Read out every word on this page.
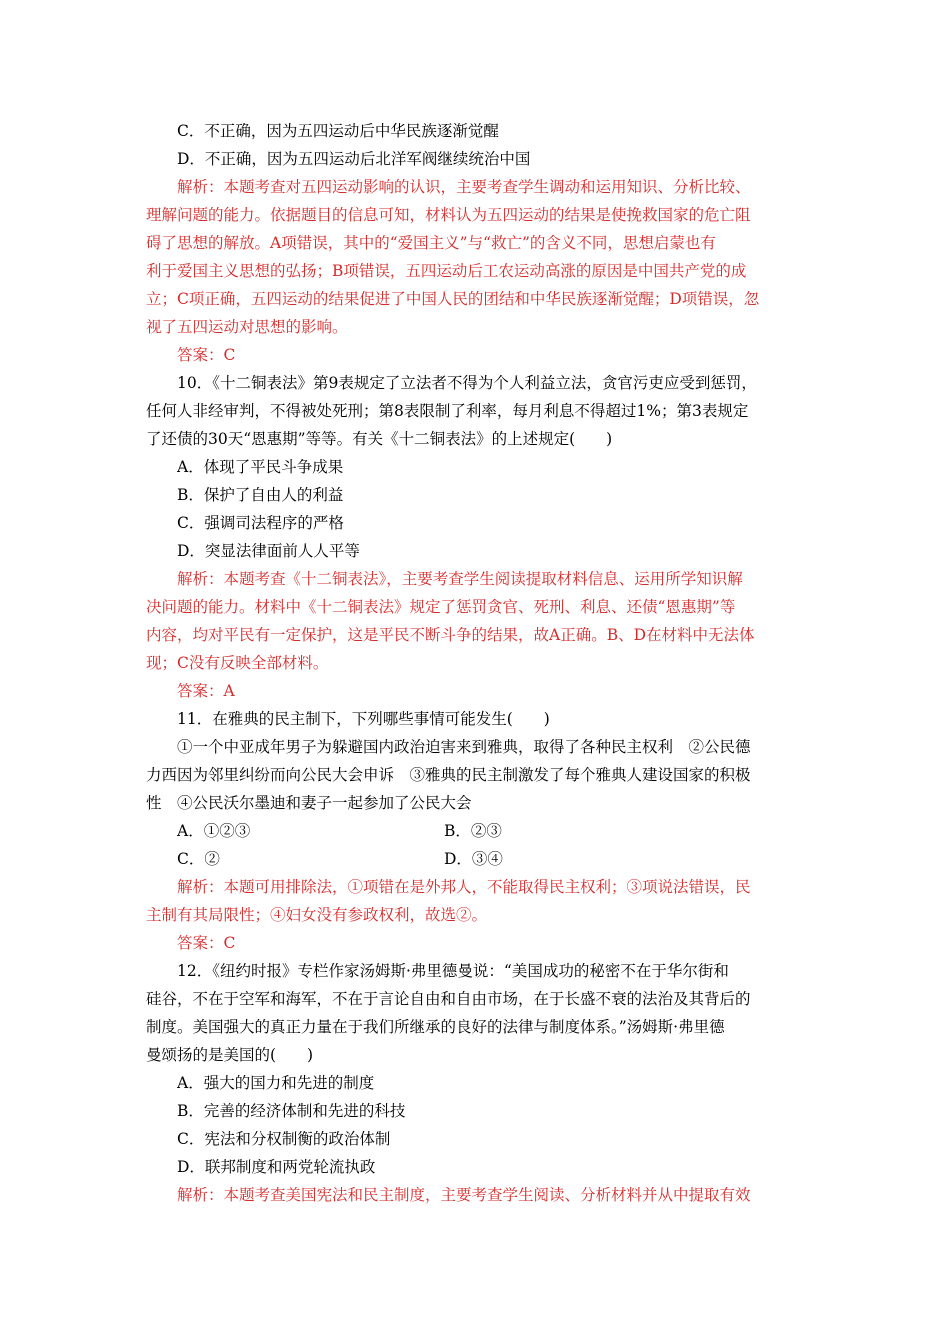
C．不正确，因为五四运动后中华民族逐渐觉醒
D．不正确，因为五四运动后北洋军阀继续统治中国
解析：本题考查对五四运动影响的认识，主要考查学生调动和运用知识、分析比较、
理解问题的能力。依据题目的信息可知，材料认为五四运动的结果是使挽救国家的危亡阻
碍了思想的解放。A项错误，其中的“爱国主义”与“救亡”的含义不同，思想启蒙也有
利于爱国主义思想的弘扬；B项错误，五四运动后工农运动高涨的原因是中国共产党的成
立；C项正确，五四运动的结果促进了中国人民的团结和中华民族逐渐觉醒；D项错误，忽
视了五四运动对思想的影响。
答案：C
10．《十二铜表法》第9表规定了立法者不得为个人利益立法，贪官污吏应受到惩罚，
任何人非经审判，不得被处死刑；第8表限制了利率，每月利息不得超过1%；第3表规定
了还债的30天“恩惠期”等等。有关《十二铜表法》的上述规定(　　)
A．体现了平民斗争成果
B．保护了自由人的利益
C．强调司法程序的严格
D．突显法律面前人人平等
解析：本题考查《十二铜表法》，主要考查学生阅读提取材料信息、运用所学知识解
决问题的能力。材料中《十二铜表法》规定了惩罚贪官、死刑、利息、还债“恩惠期”等
内容，均对平民有一定保护，这是平民不断斗争的结果，故A正确。B、D在材料中无法体
现；C没有反映全部材料。
答案：A
11．在雅典的民主制下，下列哪些事情可能发生(　　)
①一个中亚成年男子为躲避国内政治迫害来到雅典，取得了各种民主权利　②公民德
力西因为邻里纠纷而向公民大会申诉　③雅典的民主制激发了每个雅典人建设国家的积极
性　④公民沃尔墨迪和妻子一起参加了公民大会
A．①②③	B．②③
C．②	D．③④
解析：本题可用排除法，①项错在是外邦人，不能取得民主权利；③项说法错误，民
主制有其局限性；④妇女没有参政权利，故选②。
答案：C
12．《纽约时报》专栏作家汤姆斯·弗里德曼说：“美国成功的秘密不在于华尔街和
硅谷，不在于空军和海军，不在于言论自由和自由市场，在于长盛不衰的法治及其背后的
制度。美国强大的真正力量在于我们所继承的良好的法律与制度体系。”汤姆斯·弗里德
曼颂扬的是美国的(　　)
A．强大的国力和先进的制度
B．完善的经济体制和先进的科技
C．宪法和分权制衡的政治体制
D．联邦制度和两党轮流执政
解析：本题考查美国宪法和民主制度，主要考查学生阅读、分析材料并从中提取有效
